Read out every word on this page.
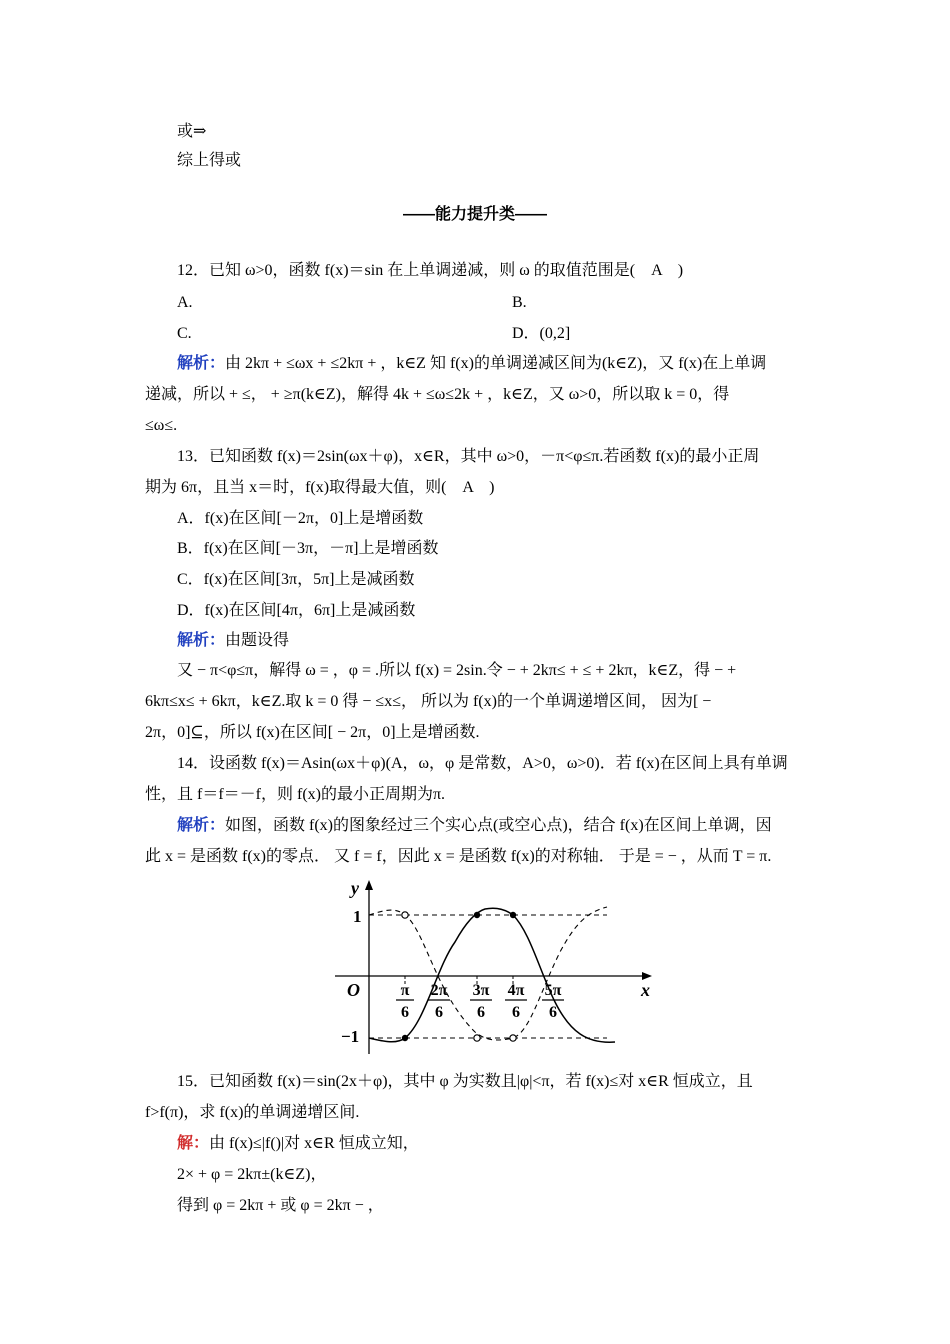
或⇒
综上得或
——能力提升类——
12．已知 ω>0，函数 f(x)＝sin 在上单调递减，则 ω 的取值范围是(　A　)
A.	B.
C.	D．(0,2]
解析：由 2kπ + ≤ωx + ≤2kπ + ，k∈Z 知 f(x)的单调递减区间为(k∈Z)，又 f(x)在上单调
递减，所以 + ≤， + ≥π(k∈Z)，解得 4k + ≤ω≤2k + ，k∈Z，又 ω>0，所以取 k = 0，得
≤ω≤.
13．已知函数 f(x)＝2sin(ωx＋φ)，x∈R，其中 ω>0，－π<φ≤π.若函数 f(x)的最小正周
期为 6π，且当 x＝时，f(x)取得最大值，则(　A　)
A．f(x)在区间[－2π，0]上是增函数
B．f(x)在区间[－3π，－π]上是增函数
C．f(x)在区间[3π，5π]上是减函数
D．f(x)在区间[4π，6π]上是减函数
解析：由题设得
又 − π<φ≤π，解得 ω = ，φ = .所以 f(x) = 2sin.令 − + 2kπ≤ + ≤ + 2kπ，k∈Z，得 − +
6kπ≤x≤ + 6kπ，k∈Z.取 k = 0 得 − ≤x≤， 所以为 f(x)的一个单调递增区间， 因为[ −
2π，0]⊆，所以 f(x)在区间[ − 2π，0]上是增函数.
14．设函数 f(x)＝Asin(ωx＋φ)(A，ω，φ 是常数，A>0，ω>0)．若 f(x)在区间上具有单调
性，且 f＝f＝－f，则 f(x)的最小正周期为π.
解析：如图，函数 f(x)的图象经过三个实心点(或空心点)，结合 f(x)在区间上单调，因
此 x = 是函数 f(x)的零点． 又 f = f，因此 x = 是函数 f(x)的对称轴． 于是 = − ，从而 T = π.
y
x
O
1
−1
π
6
2π
6
3π
6
4π
6
5π
6
15．已知函数 f(x)＝sin(2x＋φ)，其中 φ 为实数且|φ|<π，若 f(x)≤对 x∈R 恒成立，且
f>f(π)，求 f(x)的单调递增区间.
解：由 f(x)≤|f()|对 x∈R 恒成立知，
2× + φ = 2kπ±(k∈Z)，
得到 φ = 2kπ + 或 φ = 2kπ − ，
